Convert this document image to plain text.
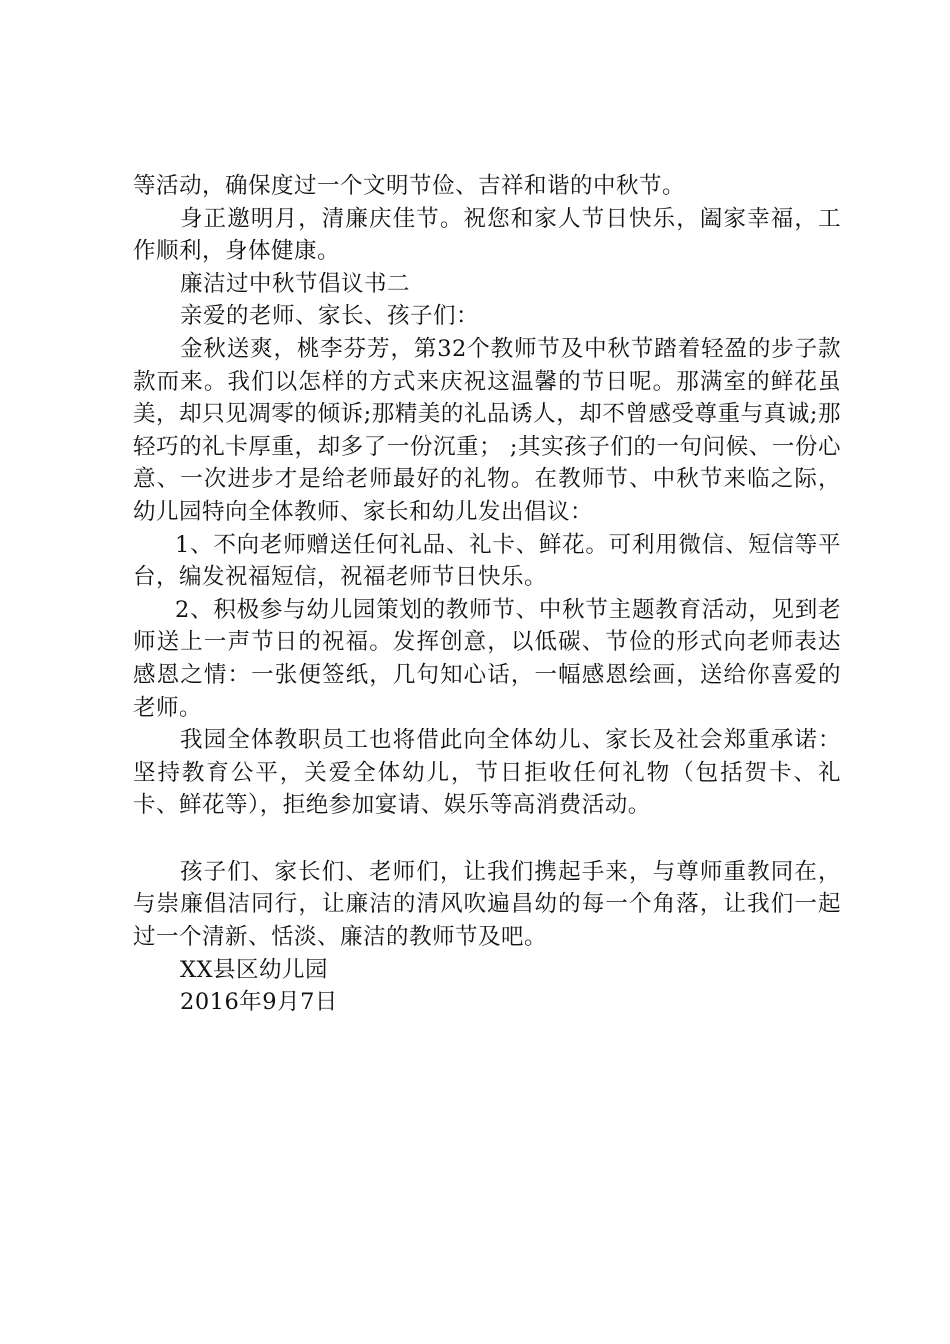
等活动，确保度过一个文明节俭、吉祥和谐的中秋节。

身正邀明月，清廉庆佳节。祝您和家人节日快乐，阖家幸福，工作顺利，身体健康。

廉洁过中秋节倡议书二

亲爱的老师、家长、孩子们：

金秋送爽，桃李芬芳，第32个教师节及中秋节踏着轻盈的步子款款而来。我们以怎样的方式来庆祝这温馨的节日呢。那满室的鲜花虽美，却只见凋零的倾诉;那精美的礼品诱人，却不曾感受尊重与真诚;那轻巧的礼卡厚重，却多了一份沉重； ;其实孩子们的一句问候、一份心意、一次进步才是给老师最好的礼物。在教师节、中秋节来临之际，幼儿园特向全体教师、家长和幼儿发出倡议：

1、不向老师赠送任何礼品、礼卡、鲜花。可利用微信、短信等平台，编发祝福短信，祝福老师节日快乐。

2、积极参与幼儿园策划的教师节、中秋节主题教育活动，见到老师送上一声节日的祝福。发挥创意，以低碳、节俭的形式向老师表达感恩之情：一张便签纸，几句知心话，一幅感恩绘画，送给你喜爱的老师。

我园全体教职员工也将借此向全体幼儿、家长及社会郑重承诺：坚持教育公平，关爱全体幼儿，节日拒收任何礼物（包括贺卡、礼卡、鲜花等），拒绝参加宴请、娱乐等高消费活动。

孩子们、家长们、老师们，让我们携起手来，与尊师重教同在，与崇廉倡洁同行，让廉洁的清风吹遍昌幼的每一个角落，让我们一起过一个清新、恬淡、廉洁的教师节及吧。

XX县区幼儿园

2016年9月7日
